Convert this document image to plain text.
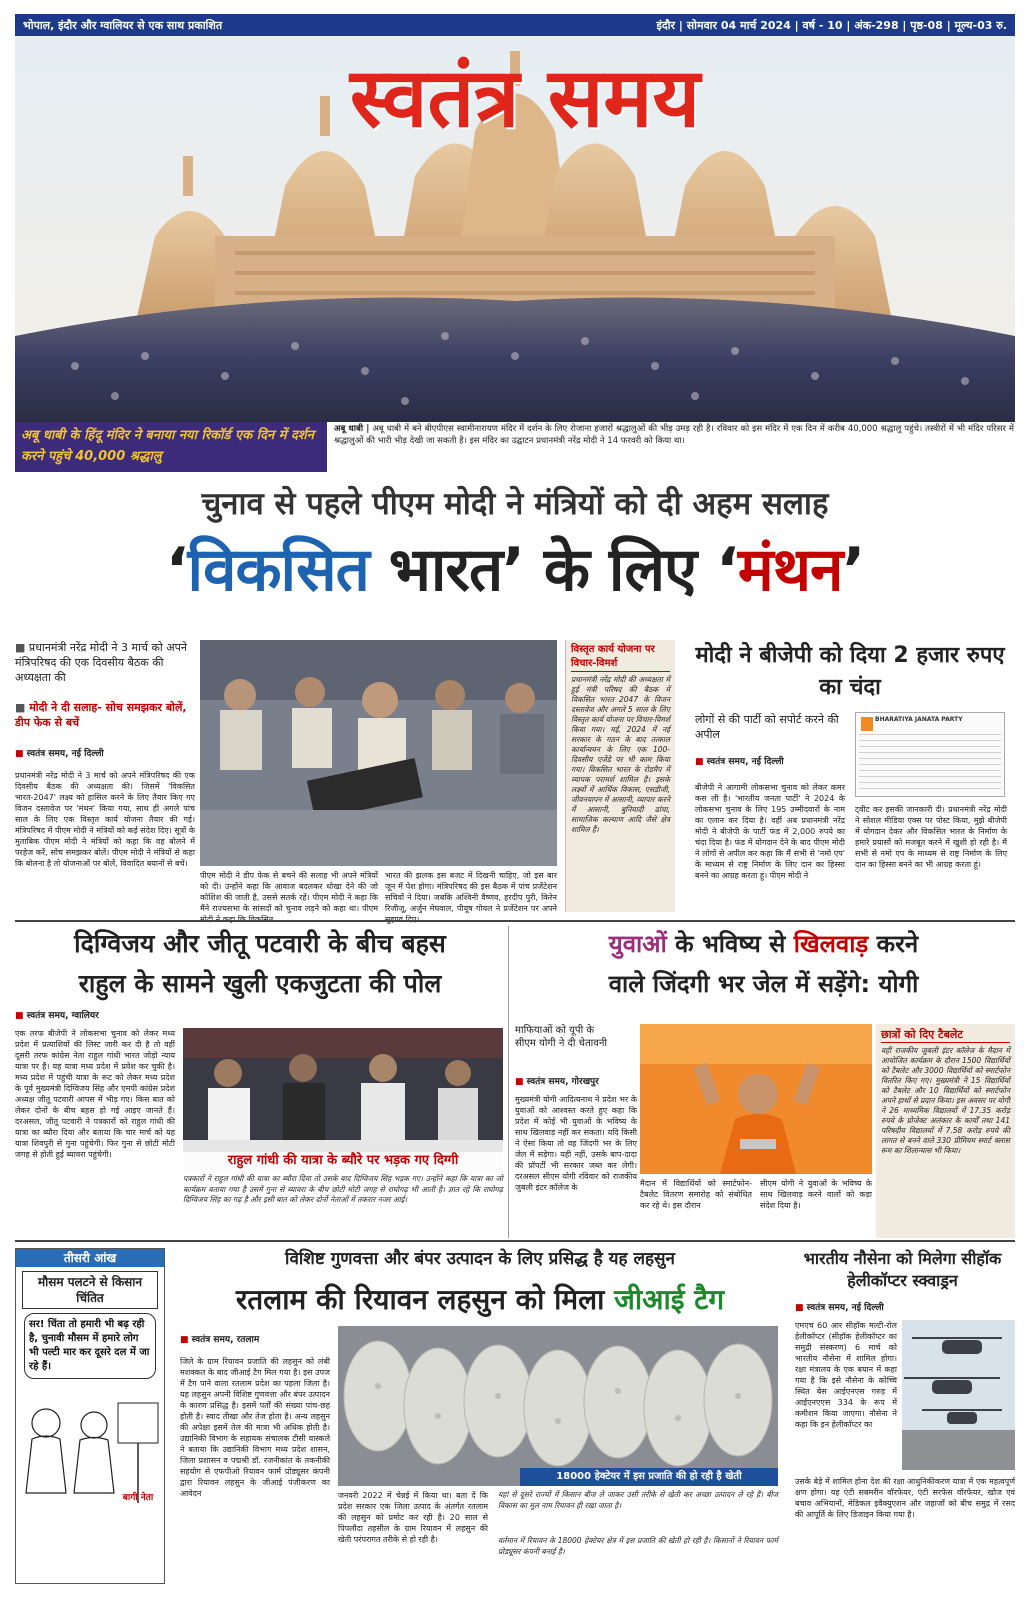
भोपाल, इंदौर और ग्वालियर से एक साथ प्रकाशित	इंदौर | सोमवार 04 मार्च 2024 | वर्ष - 10 | अंक-298 | पृष्ठ-08 | मूल्य-03 रु.
स्वतंत्र समय
अबू धाबी के हिंदू मंदिर ने बनाया नया रिकॉर्ड एक दिन में दर्शन करने पहुंचे 40,000 श्रद्धालु
अबू धाबी | अबू धाबी में बने बीएपीएस स्वामीनारायण मंदिर में दर्शन के लिए रोजाना हजारों श्रद्धालुओं की भीड़ उमड़ रही है। रविवार को इस मंदिर में एक दिन में करीब 40,000 श्रद्धालु पहुंचे। तस्वीरों में भी मंदिर परिसर में श्रद्धालुओं की भारी भीड़ देखी जा सकती है। इस मंदिर का उद्घाटन प्रधानमंत्री नरेंद्र मोदी ने 14 फरवरी को किया था।
चुनाव से पहले पीएम मोदी ने मंत्रियों को दी अहम सलाह
‘विकसित भारत’ के लिए ‘मंथन’
■ प्रधानमंत्री नरेंद्र मोदी ने 3 मार्च को अपने मंत्रिपरिषद की एक दिवसीय बैठक की अध्यक्षता की
■ मोदी ने दी सलाह- सोच समझकर बोलें, डीप फेक से बचें
■ स्वतंत्र समय, नई दिल्ली
प्रधानमंत्री नरेंद्र मोदी ने 3 मार्च को अपने मंत्रिपरिषद की एक दिवसीय बैठक की अध्यक्षता की। जिसमें 'विकसित भारत-2047' लक्ष्य को हासिल करने के लिए तैयार किए गए विजन दस्तावेज पर 'मंथन' किया गया, साथ ही अगले पांच साल के लिए एक विस्तृत कार्य योजना तैयार की गई। मंत्रिपरिषद में पीएम मोदी ने मंत्रियों को कई संदेश दिए। सूत्रों के मुताबिक पीएम मोदी ने मंत्रियों को कहा कि वह बोलने में परहेज करें, सोच समझकर बोलें। पीएम मोदी ने मंत्रियों से कहा कि बोलना है तो योजनाओं पर बोलें, विवादित बयानों से बचें।
पीएम मोदी ने डीप फेक से बचने की सलाह भी अपने मंत्रियों को दी। उन्होंने कहा कि आवाज बदलकर धोखा देने की जो कोशिश की जाती है, उससे सतर्क रहें। पीएम मोदी ने कहा कि मैंने राज्यसभा के सांसदों को चुनाव लड़ने को कहा था। पीएम
भारत की झलक इस बजट में दिखनी चाहिए, जो इस बार जून में पेश होगा। मंत्रिपरिषद की इस बैठक में पांच प्रजेंटेशन सचिवों ने दिया। जबकि अश्विनी वैष्णव, हरदीप पुरी, किरेन रिजीजू, अर्जुन मेघवाल, पीयूष गोयल ने प्रजेंटेशन पर अपने
विस्तृत कार्य योजना पर विचार-विमर्श
प्रधानमंत्री नरेंद्र मोदी की अध्यक्षता में हुई मंत्री परिषद की बैठक में विकसित भारत 2047 के विजन दस्तावेज और अगले 5 साल के लिए विस्तृत कार्य योजना पर विचार-विमर्श किया गया। मई, 2024 में नई सरकार के गठन के बाद तत्काल कार्यान्वयन के लिए एक 100-दिवसीय एजेंडे पर भी काम किया गया। विकसित भारत के रोडमैप में व्यापक परामर्श शामिल है। इसके लक्ष्यों में आर्थिक विकास, एसडीजी, जीवनयापन में आसानी, व्यापार करने में आसानी, बुनियादी ढांचा, सामाजिक कल्याण आदि जैसे क्षेत्र शामिल हैं।
मोदी ने बीजेपी को दिया 2 हजार रुपए का चंदा
लोगों से की पार्टी को सपोर्ट करने की अपील
■ स्वतंत्र समय, नई दिल्ली
BHARATIYA JANATA PARTY
बीजेपी ने आगामी लोकसभा चुनाव को लेकर कमर कस ली है। 'भारतीय जनता पार्टी' ने 2024 के लोकसभा चुनाव के लिए 195 उम्मीदवारों के नाम का एलान कर दिया है। वहीं अब प्रधानमंत्री नरेंद्र मोदी ने बीजेपी के पार्टी फंड में 2,000 रुपये का चंदा दिया है। फंड में योगदान देने के बाद पीएम मोदी ने लोगों से अपील कर कहा कि मैं सभी से 'नमो एप' के माध्यम से राष्ट्र निर्माण के लिए दान का हिस्सा बनने का आग्रह करता हूं। पीएम मोदी ने
ट्वीट कर इसकी जानकारी दी। प्रधानमंत्री नरेंद्र मोदी ने सोशल मीडिया एक्स पर पोस्ट किया, मुझे बीजेपी में योगदान देकर और विकसित भारत के निर्माण के हमारे प्रयासों को मजबूत करने में खुशी हो रही है। मैं सभी से नमो एप के माध्यम से राष्ट्र निर्माण के लिए दान का हिस्सा बनने का भी आग्रह करता हूं।
दिग्विजय और जीतू पटवारी के बीच बहस
राहुल के सामने खुली एकजुटता की पोल
■ स्वतंत्र समय, ग्वालियर
एक तरफ बीजेपी ने लोकसभा चुनाव को लेकर मध्य प्रदेश में प्रत्याशियों की लिस्ट जारी कर दी है तो वहीं दूसरी तरफ कांग्रेस नेता राहुल गांधी भारत जोड़ो न्याय यात्रा पर हैं। यह यात्रा मध्य प्रदेश में प्रवेश कर चुकी है। मध्य प्रदेश में पहुंची यात्रा के रूट को लेकर मध्य प्रदेश के पूर्व मुख्यमंत्री दिग्विजय सिंह और एमपी कांग्रेस प्रदेश अध्यक्ष जीतू पटवारी आपस में भीड़ गए। किस बात को लेकर दोनों के बीच बहस हो गई आइए जानते हैं। दरअसल, जीतू पटवारी ने पत्रकारों को राहुल गांधी की यात्रा का ब्यौरा दिया और बताया कि चार मार्च को यह यात्रा शिवपुरी से गुना पहुंचेगी। फिर गुना से छोटी मोटी जगह से होती हुई ब्यावरा पहुंचेगी।	राहुल गांधी की यात्रा के ब्यौरे पर भड़क गए दिग्गी
पत्रकारों ने राहुल गांधी की यात्रा का ब्यौरा दिया तो उसके बाद दिग्विजय सिंह भड़क गए। उन्होंने कहा कि यात्रा का जो कार्यक्रम बताया गया है उसमें गुना से ब्यावरा के बीच छोटी मोटी जगह से राघोगढ़ भी आती है। ज्ञात रहे कि राघोगढ़ दिग्विजय सिंह का गढ़ है और इसी बात को लेकर दोनों नेताओं में तकरार नजर आई।
युवाओं के भविष्य से खिलवाड़ करने
वाले जिंदगी भर जेल में सड़ेंगे: योगी
माफियाओं को यूपी के सीएम योगी ने दी चेतावनी
■ स्वतंत्र समय, गोरखपुर
मुख्यमंत्री योगी आदित्यनाथ ने प्रदेश भर के युवाओं को आश्वस्त करते हुए कहा कि प्रदेश में कोई भी युवाओं के भविष्य के साथ खिलवाड़ नहीं कर सकता। यदि किसी ने ऐसा किया तो वह जिंदगी भर के लिए जेल में सड़ेगा। यही नहीं, उसके बाप-दादा की प्रॉपर्टी भी सरकार जब्त कर लेगी। दरअसल सीएम योगी रविवार को राजकीय जुबली इंटर कॉलेज के	मैदान में विद्यार्थियों को स्मार्टफोन-टैबलेट वितरण समारोह को संबोधित कर रहे थे। इस दौरान
सीएम योगी ने युवाओं के भविष्य के साथ खिलवाड़ करने वालों को कड़ा संदेश दिया है।
छात्रों को दिए टैबलेट
वहीं राजकीय जुबली इंटर कॉलेज के मैदान में आयोजित कार्यक्रम के दौरान 1500 विद्यार्थियों को टैबलेट और 3000 विद्यार्थियों को स्मार्टफोन वितरित किए गए। मुख्यमंत्री ने 15 विद्यार्थियों को टैबलेट और 10 विद्यार्थियों को स्मार्टफोन अपने हाथों से प्रदान किया। इस अवसर पर योगी ने 26 माध्यमिक विद्यालयों में 17.35 करोड़ रुपये के प्रोजेक्ट अलंकार के कार्यों तथा 141 परिषदीय विद्यालयों में 7.58 करोड़ रुपये की लागत से बनने वाले 330 प्रीमियम स्मार्ट क्लास रूम का शिलान्यास भी किया।
तीसरी आंख
मौसम पलटने से किसान चिंतित
सर! चिंता तो हमारी भी बढ़ रही है, चुनावी मौसम में हमारे लोग भी पल्टी मार कर दूसरे दल में जा रहे हैं।
बागी नेता
विशिष्ट गुणवत्ता और बंपर उत्पादन के लिए प्रसिद्ध है यह लहसुन
रतलाम की रियावन लहसुन को मिला जीआई टैग
■ स्वतंत्र समय, रतलाम
जिले के ग्राम रियावन प्रजाति की लहसुन को लंबी मशक्कत के बाद जीआई टैग मिल गया है। इस उपज में टैग पाने वाला रतलाम प्रदेश का पहला जिला है। यह लहसुन अपनी विशिष्ट गुणवत्ता और बंपर उत्पादन के कारण प्रसिद्ध है। इसमें पर्तों की संख्या पांच-छह होती है। स्वाद तीखा और तेज होता है। अन्य लहसुन की अपेक्षा इसमें तेल की मात्रा भी अधिक होती है। उद्यानिकी विभाग के सहायक संचालक टीसी वास्कले ने बताया कि उद्यानिकी विभाग मध्य प्रदेश शासन, जिला प्रशासन व पद्मश्री डॉ. रजनीकांत के तकनीकी सहयोग से एफपीओ रियावन फार्म प्रोड्यूसर कंपनी द्वारा रियावन लहसुन के जीआई पंजीकरण का आवेदन
18000 हेक्टेयर में इस प्रजाति की हो रही है खेती
जनवरी 2022 में चेन्नई में किया था। बता दें कि प्रदेश सरकार एक जिला उत्पाद के अंतर्गत रतलाम की लहसुन को प्रमोट कर रही है। 20 साल से पिपलौदा तहसील के ग्राम रियावन में लहसुन की खेती परंपरागत तरीके से हो रही है।
यहां से दूसरे राज्यों में किसान बीज ले जाकर उसी तरीके से खेती कर अच्छा उत्पादन ले रहे हैं। बीज विकास का मूल नाम रियावन ही रखा जाता है।
वर्तमान में रियावन के 18000 हेक्टेयर क्षेत्र में इस प्रजाति की खेती हो रही है। किसानों ने रियावन फार्म प्रोड्यूसर कंपनी बनाई है।
भारतीय नौसेना को मिलेगा सीहॉक हेलीकॉप्टर स्क्वाड्रन
■ स्वतंत्र समय, नई दिल्ली
एमएच 60 आर सीहॉक मल्टी-रोल हेलीकॉप्टर (सीहॉक हेलीकॉप्टर का समुद्री संस्करण) 6 मार्च को भारतीय नौसेना में शामिल होगा। रक्षा मंत्रालय के एक बयान में कहा गया है कि इसे नौसेना के कोच्चि स्थित बेस आईएनएस गरुड़ में आईएनएएस 334 के रूप में कमीशन किया जाएगा। नौसेना ने कहा कि इन हेलीकॉप्टर का
उसके बेड़े में शामिल होना देश की रक्षा आधुनिकीकरण यात्रा में एक महत्वपूर्ण क्षण होगा। यह एंटी सबमरीन वॉरफेयर, एंटी सरफेस वॉरफेयर, खोज एवं बचाव अभियानों, मेडिकल इवैक्युएशन और जहाजों को बीच समुद्र में रसद की आपूर्ति के लिए डिजाइन किया गया है।
